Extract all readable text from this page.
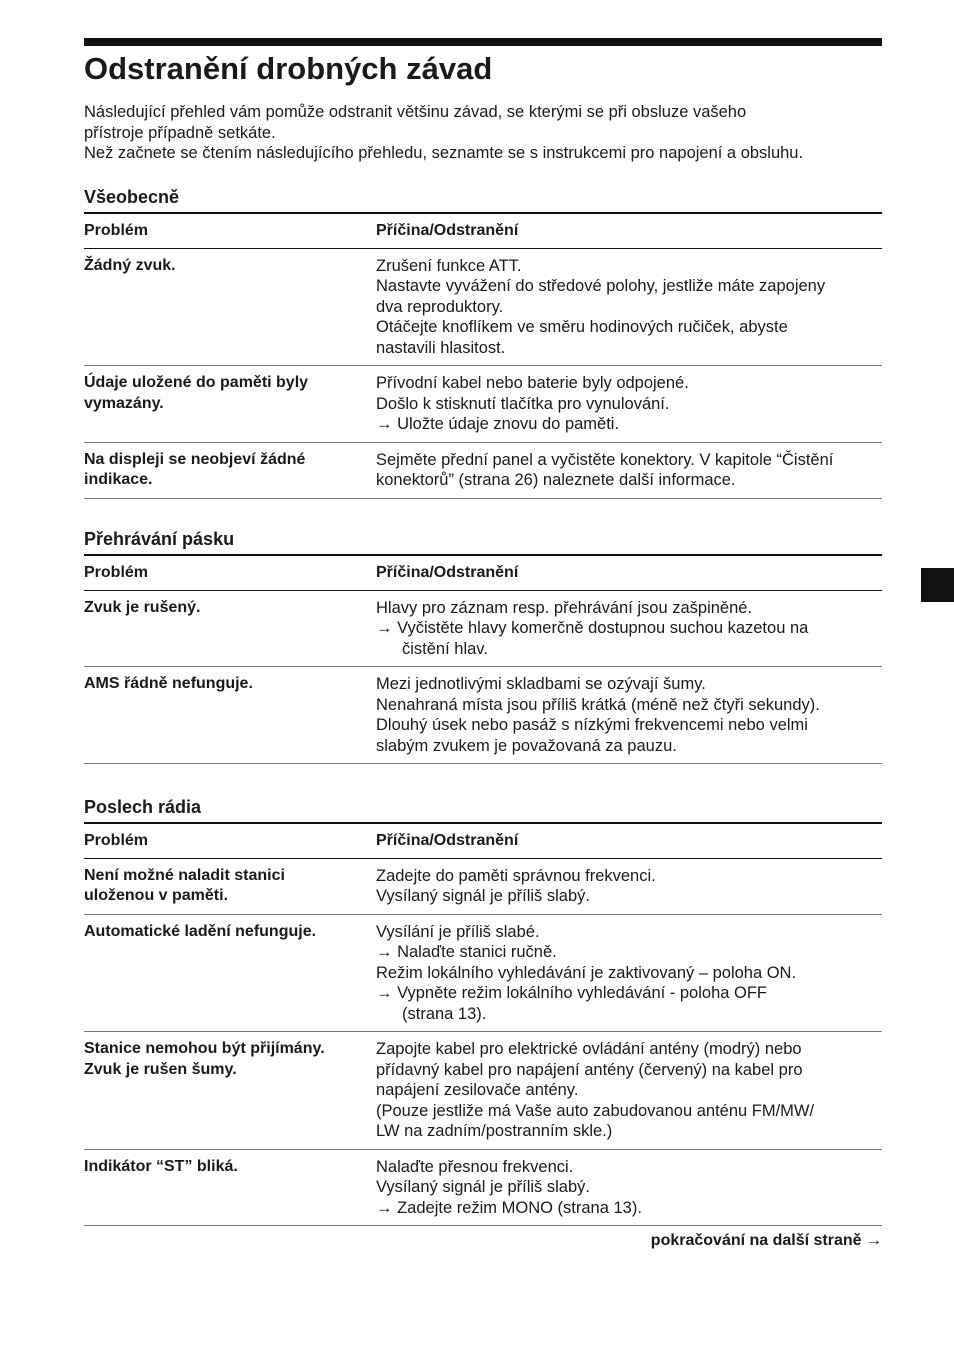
Odstranění drobných závad
Následující přehled vám pomůže odstranit většinu závad, se kterými se při obsluze vašeho
přístroje případně setkáte.
Než začnete se čtením následujícího přehledu, seznamte se s instrukcemi pro napojení a obsluhu.
Všeobecně
Problém	Příčina/Odstranění

Žádný zvuk.	Zrušení funkce ATT.
Nastavte vyvážení do středové polohy, jestliže máte zapojeny
dva reproduktory.
Otáčejte knoflíkem ve směru hodinových ručiček, abyste
nastavili hlasitost.

Údaje uložené do paměti byly
vymazány.	Přívodní kabel nebo baterie byly odpojené.
Došlo k stisknutí tlačítka pro vynulování.
→ Uložte údaje znovu do paměti.

Na displeji se neobjeví žádné
indikace.	Sejměte přední panel a vyčistěte konektory. V kapitole “Čistění
konektorů” (strana 26) naleznete další informace.
Přehrávání pásku
Problém	Příčina/Odstranění

Zvuk je rušený.	Hlavy pro záznam resp. přehrávání jsou zašpiněné.
→ Vyčistěte hlavy komerčně dostupnou suchou kazetou na
čistění hlav.

AMS řádně nefunguje.	Mezi jednotlivými skladbami se ozývají šumy.
Nenahraná místa jsou příliš krátká (méně než čtyři sekundy).
Dlouhý úsek nebo pasáž s nízkými frekvencemi nebo velmi
slabým zvukem je považovaná za pauzu.
Poslech rádia
Problém	Příčina/Odstranění

Není možné naladit stanici
uloženou v paměti.	Zadejte do paměti správnou frekvenci.
Vysílaný signál je příliš slabý.

Automatické ladění nefunguje.	Vysílání je příliš slabé.
→ Nalaďte stanici ručně.
Režim lokálního vyhledávání je zaktivovaný – poloha ON.
→ Vypněte režim lokálního vyhledávání - poloha OFF
(strana 13).

Stanice nemohou být přijímány.
Zvuk je rušen šumy.	Zapojte kabel pro elektrické ovládání antény (modrý) nebo
přídavný kabel pro napájení antény (červený) na kabel pro
napájení zesilovače antény.
(Pouze jestliže má Vaše auto zabudovanou anténu FM/MW/
LW na zadním/postranním skle.)

Indikátor “ST” bliká.	Nalaďte přesnou frekvenci.
Vysílaný signál je příliš slabý.
→ Zadejte režim MONO (strana 13).
pokračování na další straně →
